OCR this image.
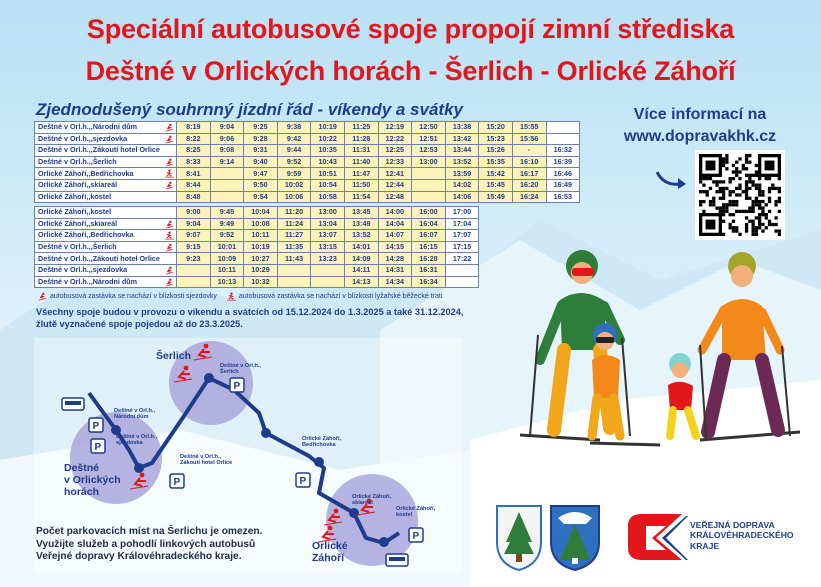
Speciální autobusové spoje propojí zimní střediska
Deštné v Orlických horách - Šerlich - Orlické Záhoří
Zjednodušený souhrnný jízdní řád - víkendy a svátky	Více informací na
www.dopravakhk.cz
Deštné v Orl.h.,,Národní dům	8:19	9:04	9:25	9:38	10:19	11:25	12:19	12:50	13:38	15:20	15:55	
Deštné v Orl.h.,,sjezdovka	8:22	9:06	9:28	9:42	10:22	11:28	12:22	12:51	13:42	15:23	15:56	
Deštné v Orl.h.,,Zákoutí hotel Orlice	8:25	9:08	9:31	9:44	10:35	11:31	12:25	12:53	13:44	15:26	-	16:32
Deštné v Orl.h.,,Šerlich	8:33	9:14	9:40	9:52	10:43	11:40	12:33	13:00	13:52	15:35	16:10	16:39
Orlické Záhoří,,Bedřichovka	8:41		9:47	9:59	10:51	11:47	12:41		13:59	15:42	16:17	16:46
Orlické Záhoří,,skiareál	8:44		9:50	10:02	10:54	11:50	12:44		14:02	15:45	16:20	16:49
Orlické Záhoří,,kostel	8:48		9:54	10:06	10:58	11:54	12:48		14:06	15:49	16:24	16:53
Orlické Záhoří,,kostel	9:00	9:45	10:04	11:20	13:00	13:45	14:00	16:00	17:00
Orlické Záhoří,,skiareál	9:04	9:49	10:08	11:24	13:04	13:49	14:04	16:04	17:04
Orlické Záhoří,,Bedřichovka	9:07	9:52	10:11	11:27	13:07	13:52	14:07	16:07	17:07
Deštné v Orl.h.,,Šerlich	9:15	10:01	10:19	11:35	13:15	14:01	14:15	16:15	17:15
Deštné v Orl.h.,,Zákoutí hotel Orlice	9:23	10:09	10:27	11:43	13:23	14:09	14:28	16:28	17:22
Deštné v Orl.h.,,sjezdovka		10:11	10:29			14:11	14:31	16:31	
Deštné v Orl.h.,,Národní dům		10:13	10:32			14:13	14:34	16:34	
autobusová zastávka se nachází v blízkosti sjezdovky	autobusová zastávka se nachází v blízkosti lyžařské běžecké trati
Všechny spoje budou v provozu o víkendu a svátcích od 15.12.2024 do 1.3.2025 a také 31.12.2024,
žlutě vyznačené spoje pojedou až do 23.3.2025.
P
P
P
P	P
P
Šerlich
Deštné
v Orlických
horách
Orlické
Záhoří
Deštné v Orl.h.,
Šerlich
Deštné v Orl.h.,
Národní dům
Deštné v Orl.h.,
sjezdovka
Deštné v Orl.h.,
Zákoutí hotel Orlice
Orlické Záhoří,
Bedřichovka
Orlické Záhoří,
skiareál
Orlické Záhoří,
kostel
Počet parkovacích míst na Šerlichu je omezen.
Využijte služeb a pohodlí linkových autobusů
Veřejné dopravy Královéhradeckého kraje.
VEŘEJNÁ DOPRAVA
KRÁLOVÉHRADECKÉHO
KRAJE
